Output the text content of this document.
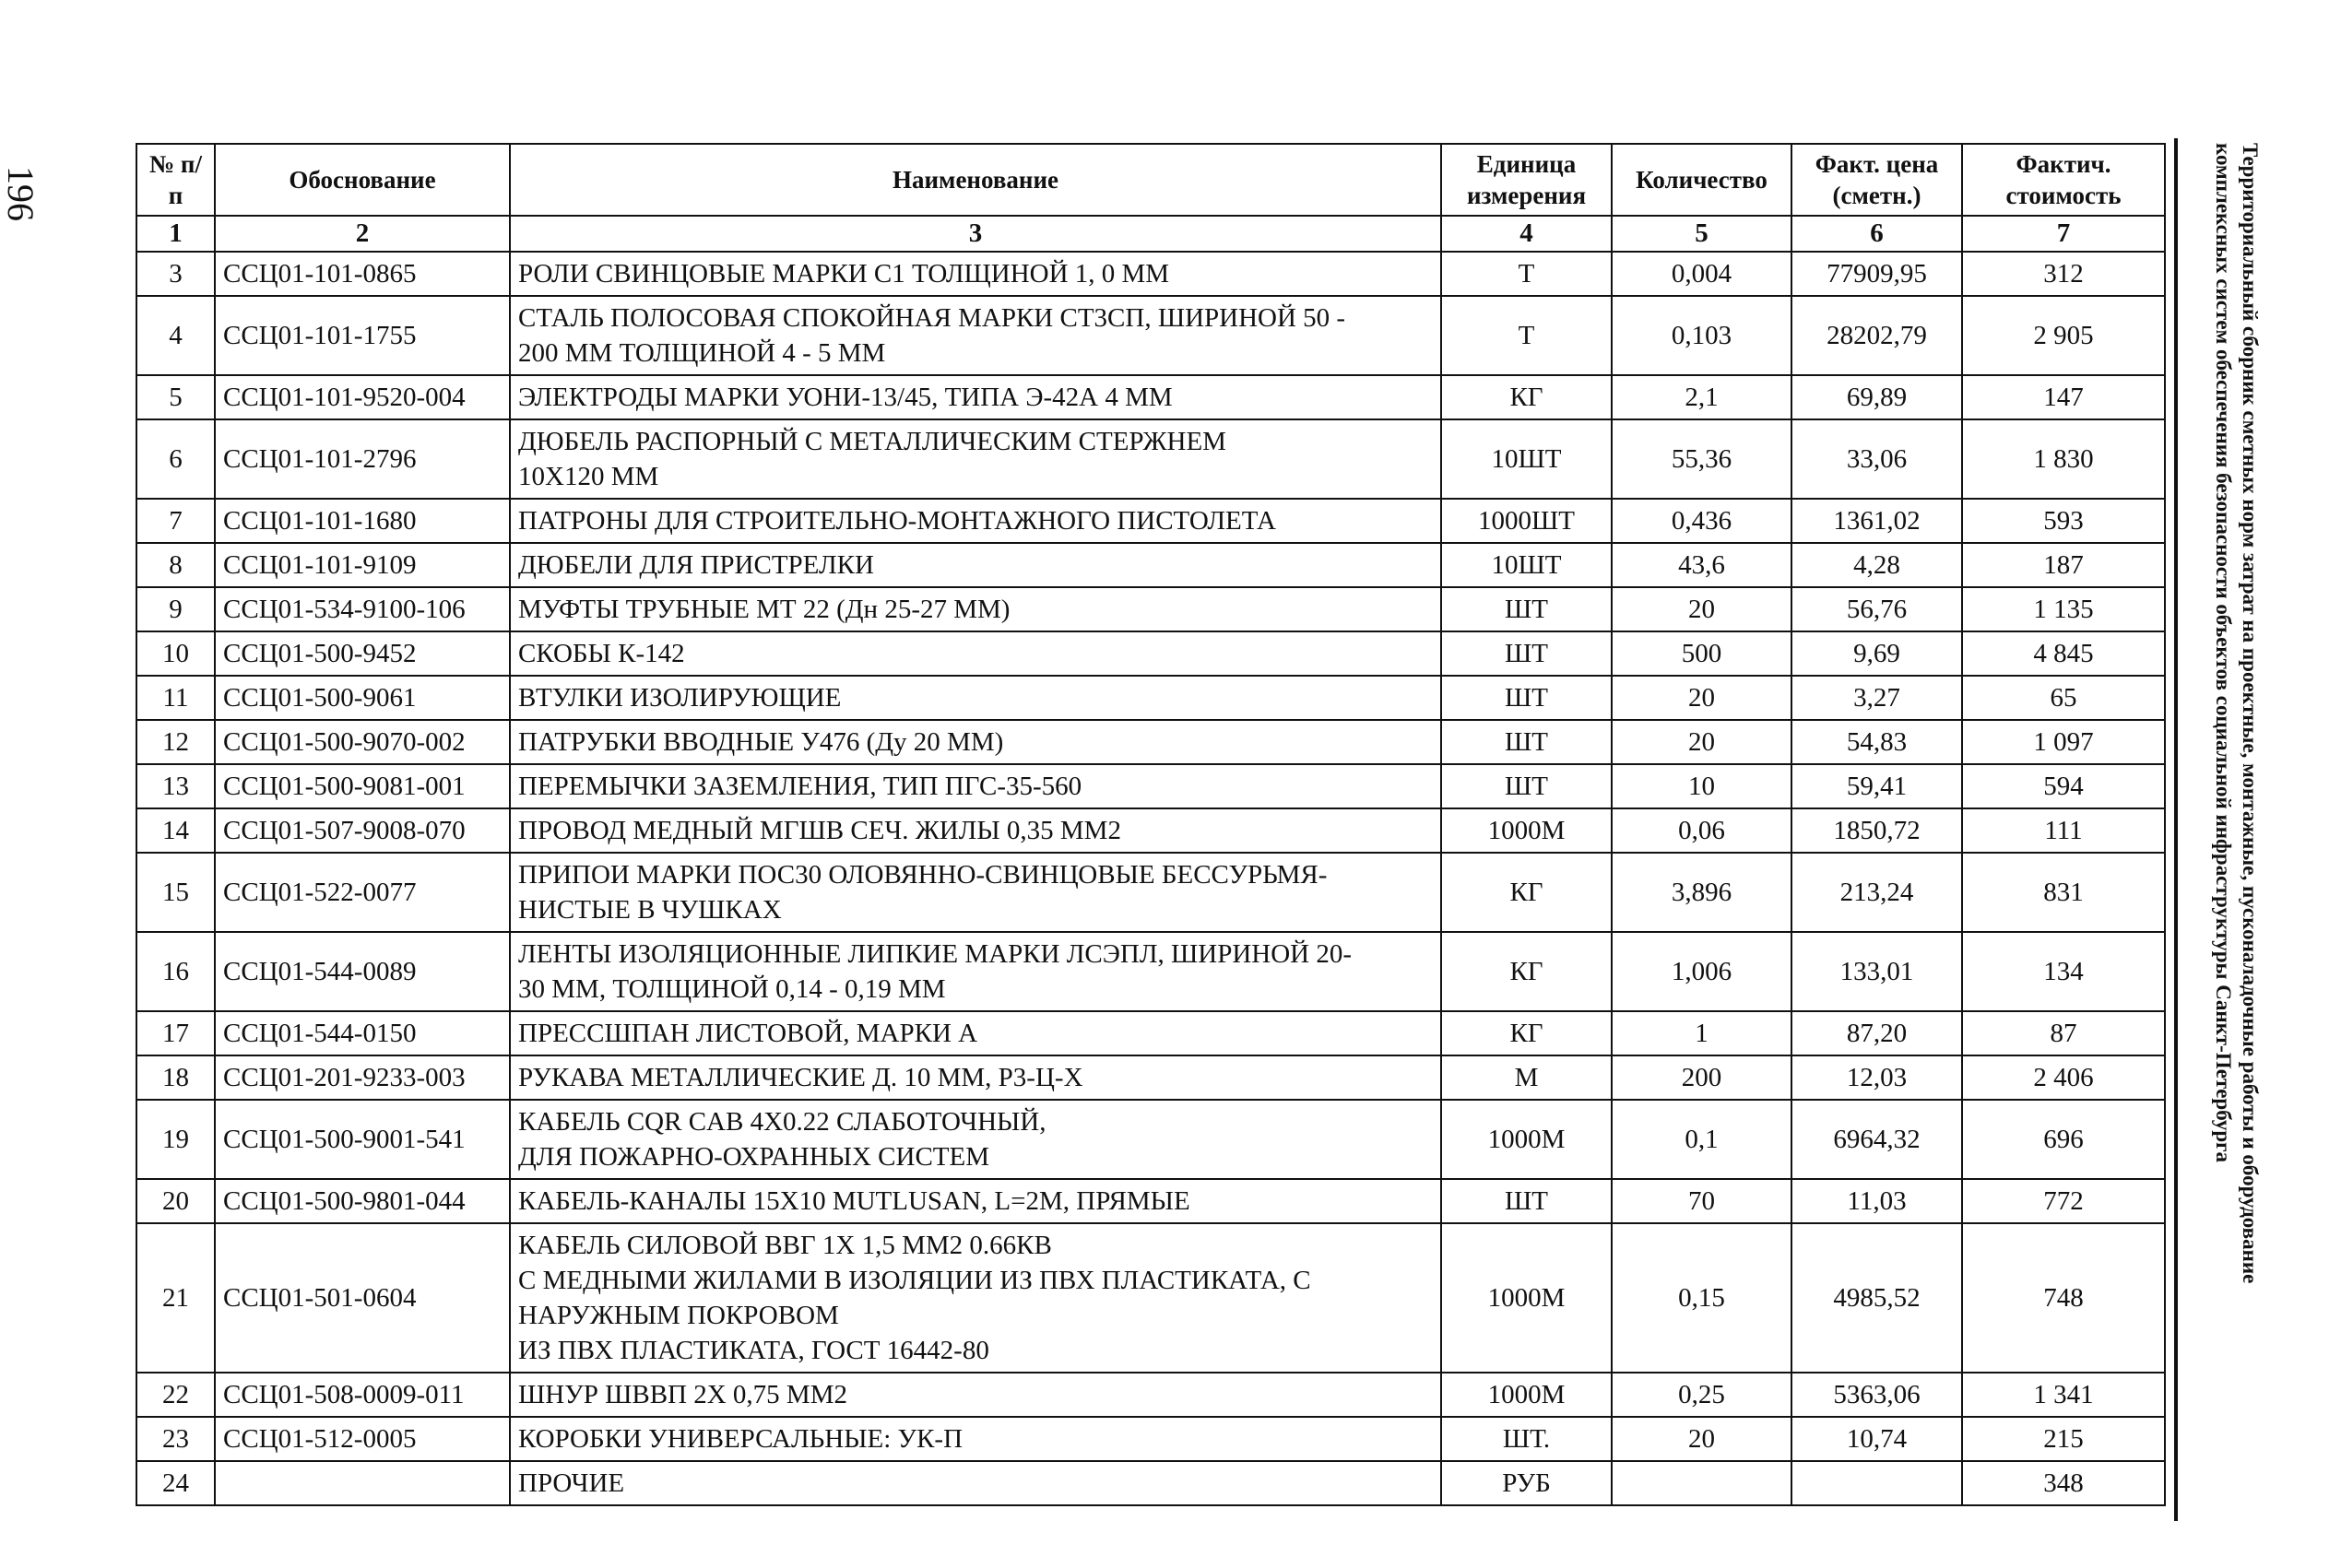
196	Территориальный сборник сметных норм затрат на проектные, монтажные, пусконаладочные работы и оборудование
комплексных систем обеспечения безопасности объектов социальной инфраструктуры Санкт-Петербурга
№ п/п	Обоснование	Наименование	Единица измерения	Количество	Факт. цена (сметн.)	Фактич. стоимость
1	2	3	4	5	6	7
3	ССЦ01-101-0865	РОЛИ СВИНЦОВЫЕ МАРКИ С1 ТОЛЩИНОЙ 1, 0 ММ	Т	0,004	77909,95	312
4	ССЦ01-101-1755	СТАЛЬ ПОЛОСОВАЯ СПОКОЙНАЯ МАРКИ СТ3СП, ШИРИНОЙ 50 -
200 ММ ТОЛЩИНОЙ 4 - 5 ММ	Т	0,103	28202,79	2 905
5	ССЦ01-101-9520-004	ЭЛЕКТРОДЫ МАРКИ УОНИ-13/45, ТИПА Э-42А 4 ММ	КГ	2,1	69,89	147
6	ССЦ01-101-2796	ДЮБЕЛЬ РАСПОРНЫЙ С МЕТАЛЛИЧЕСКИМ СТЕРЖНЕМ
10Х120 ММ	10ШТ	55,36	33,06	1 830
7	ССЦ01-101-1680	ПАТРОНЫ ДЛЯ СТРОИТЕЛЬНО-МОНТАЖНОГО ПИСТОЛЕТА	1000ШТ	0,436	1361,02	593
8	ССЦ01-101-9109	ДЮБЕЛИ ДЛЯ ПРИСТРЕЛКИ	10ШТ	43,6	4,28	187
9	ССЦ01-534-9100-106	МУФТЫ ТРУБНЫЕ МТ 22 (Дн 25-27 ММ)	ШТ	20	56,76	1 135
10	ССЦ01-500-9452	СКОБЫ К-142	ШТ	500	9,69	4 845
11	ССЦ01-500-9061	ВТУЛКИ ИЗОЛИРУЮЩИЕ	ШТ	20	3,27	65
12	ССЦ01-500-9070-002	ПАТРУБКИ ВВОДНЫЕ У476 (Ду 20 ММ)	ШТ	20	54,83	1 097
13	ССЦ01-500-9081-001	ПЕРЕМЫЧКИ ЗАЗЕМЛЕНИЯ, ТИП ПГС-35-560	ШТ	10	59,41	594
14	ССЦ01-507-9008-070	ПРОВОД МЕДНЫЙ МГШВ СЕЧ. ЖИЛЫ 0,35 ММ2	1000М	0,06	1850,72	111
15	ССЦ01-522-0077	ПРИПОИ МАРКИ ПОС30 ОЛОВЯННО-СВИНЦОВЫЕ БЕССУРЬМЯ-
НИСТЫЕ В ЧУШКАХ	КГ	3,896	213,24	831
16	ССЦ01-544-0089	ЛЕНТЫ ИЗОЛЯЦИОННЫЕ ЛИПКИЕ МАРКИ ЛСЭПЛ, ШИРИНОЙ 20-
30 ММ, ТОЛЩИНОЙ 0,14 - 0,19 ММ	КГ	1,006	133,01	134
17	ССЦ01-544-0150	ПРЕССШПАН ЛИСТОВОЙ, МАРКИ А	КГ	1	87,20	87
18	ССЦ01-201-9233-003	РУКАВА МЕТАЛЛИЧЕСКИЕ Д. 10 ММ, Р3-Ц-Х	М	200	12,03	2 406
19	ССЦ01-500-9001-541	КАБЕЛЬ CQR CAB 4X0.22 СЛАБОТОЧНЫЙ,
ДЛЯ ПОЖАРНО-ОХРАННЫХ СИСТЕМ	1000М	0,1	6964,32	696
20	ССЦ01-500-9801-044	КАБЕЛЬ-КАНАЛЫ 15Х10 MUTLUSAN, L=2М, ПРЯМЫЕ	ШТ	70	11,03	772
21	ССЦ01-501-0604	КАБЕЛЬ СИЛОВОЙ ВВГ 1Х 1,5 ММ2 0.66КВ
С МЕДНЫМИ ЖИЛАМИ В ИЗОЛЯЦИИ ИЗ ПВХ ПЛАСТИКАТА, С
НАРУЖНЫМ ПОКРОВОМ
ИЗ ПВХ ПЛАСТИКАТА, ГОСТ 16442-80	1000М	0,15	4985,52	748
22	ССЦ01-508-0009-011	ШНУР ШВВП 2Х 0,75 ММ2	1000М	0,25	5363,06	1 341
23	ССЦ01-512-0005	КОРОБКИ УНИВЕРСАЛЬНЫЕ: УК-П	ШТ.	20	10,74	215
24		ПРОЧИЕ	РУБ			348
